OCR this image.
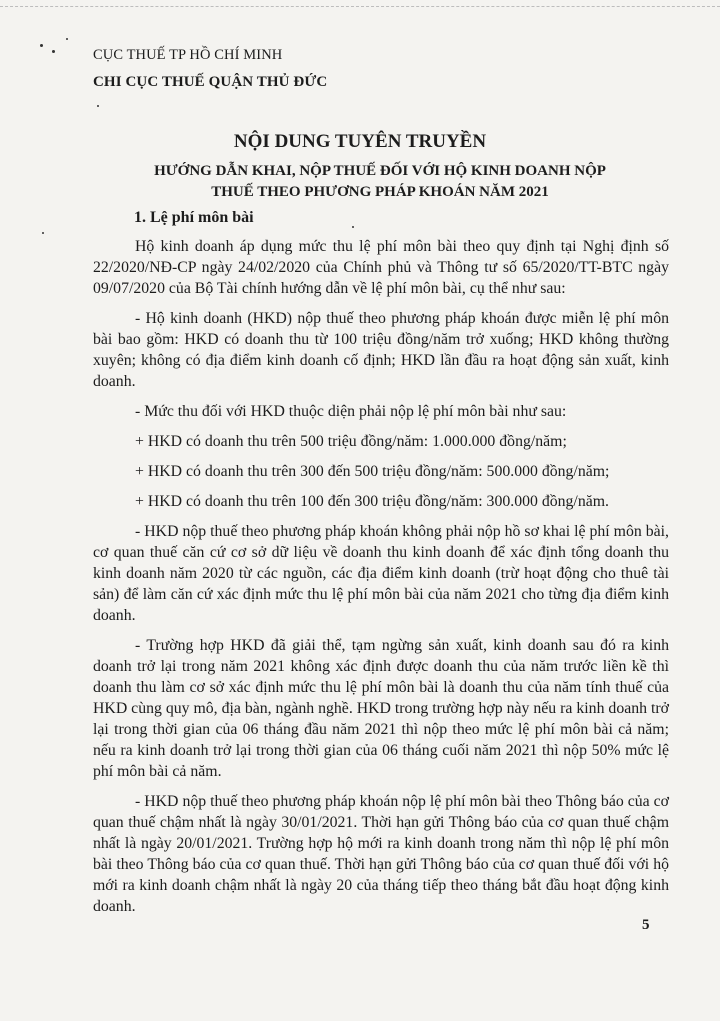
CỤC THUẾ TP HỒ CHÍ MINH
CHI CỤC THUẾ QUẬN THỦ ĐỨC
NỘI DUNG TUYÊN TRUYỀN
HƯỚNG DẪN KHAI, NỘP THUẾ ĐỐI VỚI HỘ KINH DOANH NỘP THUẾ THEO PHƯƠNG PHÁP KHOÁN NĂM 2021
1. Lệ phí môn bài

Hộ kinh doanh áp dụng mức thu lệ phí môn bài theo quy định tại Nghị định số 22/2020/NĐ-CP ngày 24/02/2020 của Chính phủ và Thông tư số 65/2020/TT-BTC ngày 09/07/2020 của Bộ Tài chính hướng dẫn về lệ phí môn bài, cụ thể như sau:

- Hộ kinh doanh (HKD) nộp thuế theo phương pháp khoán được miễn lệ phí môn bài bao gồm: HKD có doanh thu từ 100 triệu đồng/năm trở xuống; HKD không thường xuyên; không có địa điểm kinh doanh cố định; HKD lần đầu ra hoạt động sản xuất, kinh doanh.

- Mức thu đối với HKD thuộc diện phải nộp lệ phí môn bài như sau:

+ HKD có doanh thu trên 500 triệu đồng/năm: 1.000.000 đồng/năm;

+ HKD có doanh thu trên 300 đến 500 triệu đồng/năm: 500.000 đồng/năm;

+ HKD có doanh thu trên 100 đến 300 triệu đồng/năm: 300.000 đồng/năm.

- HKD nộp thuế theo phương pháp khoán không phải nộp hồ sơ khai lệ phí môn bài, cơ quan thuế căn cứ cơ sở dữ liệu về doanh thu kinh doanh để xác định tổng doanh thu kinh doanh năm 2020 từ các nguồn, các địa điểm kinh doanh (trừ hoạt động cho thuê tài sản) để làm căn cứ xác định mức thu lệ phí môn bài của năm 2021 cho từng địa điểm kinh doanh.

- Trường hợp HKD đã giải thể, tạm ngừng sản xuất, kinh doanh sau đó ra kinh doanh trở lại trong năm 2021 không xác định được doanh thu của năm trước liền kề thì doanh thu làm cơ sở xác định mức thu lệ phí môn bài là doanh thu của năm tính thuế của HKD cùng quy mô, địa bàn, ngành nghề. HKD trong trường hợp này nếu ra kinh doanh trở lại trong thời gian của 06 tháng đầu năm 2021 thì nộp theo mức lệ phí môn bài cả năm; nếu ra kinh doanh trở lại trong thời gian của 06 tháng cuối năm 2021 thì nộp 50% mức lệ phí môn bài cả năm.

- HKD nộp thuế theo phương pháp khoán nộp lệ phí môn bài theo Thông báo của cơ quan thuế chậm nhất là ngày 30/01/2021. Thời hạn gửi Thông báo của cơ quan thuế chậm nhất là ngày 20/01/2021. Trường hợp hộ mới ra kinh doanh trong năm thì nộp lệ phí môn bài theo Thông báo của cơ quan thuế. Thời hạn gửi Thông báo của cơ quan thuế đối với hộ mới ra kinh doanh chậm nhất là ngày 20 của tháng tiếp theo tháng bắt đầu hoạt động kinh doanh.

5
